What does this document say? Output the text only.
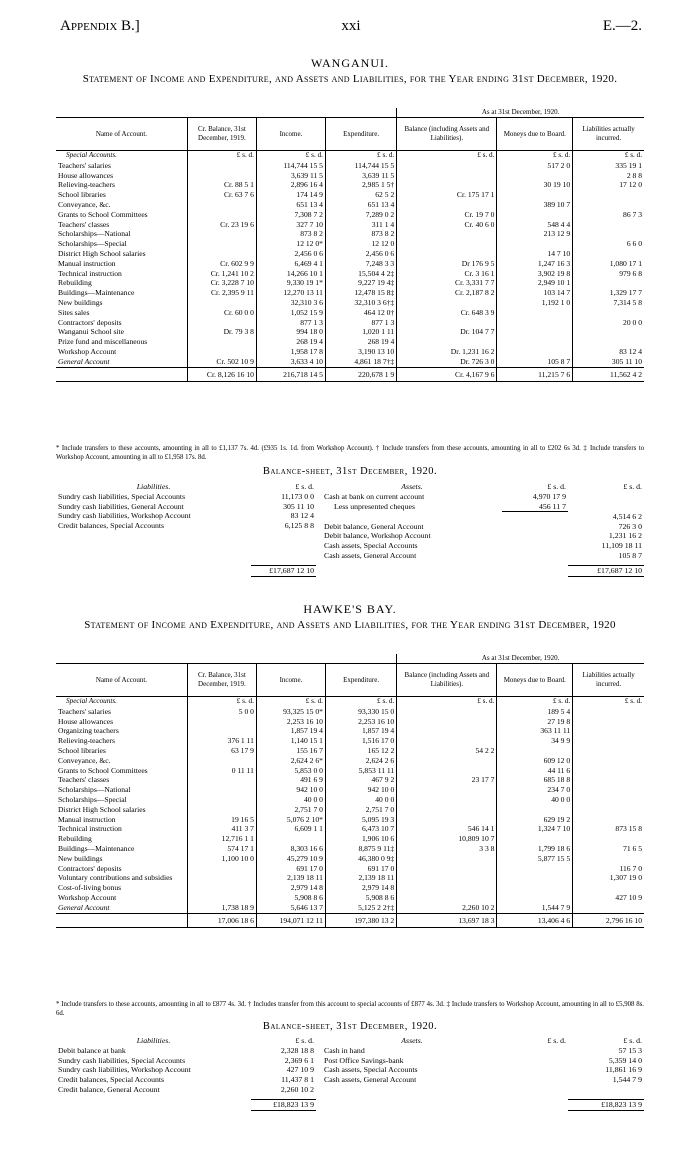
Appendix B.]	xxi	E.—2.
WANGANUI.
Statement of Income and Expenditure, and Assets and Liabilities, for the Year ending 31st December, 1920.
				As at 31st December, 1920.		
Name of Account.	Cr. Balance, 31st December, 1919.	Income.	Expenditure.	Balance (including Assets and Liabilities).	Moneys due to Board.	Liabilities actually incurred.
Special Accounts.	£ s. d.	£ s. d.	£ s. d.	£ s. d.	£ s. d.	£ s. d.
Teachers' salaries		114,744 15 5	114,744 15 5		517 2 0	335 19 1
House allowances		3,639 11 5	3,639 11 5			2 8 8
Relieving-teachers	Cr. 88 5 1	2,896 16 4	2,985 1 5†		30 19 10	17 12 0
School libraries	Cr. 63 7 6	174 14 9	62 5 2	Cr. 175 17 1		
Conveyance, &c.		651 13 4	651 13 4		389 10 7	
Grants to School Committees		7,308 7 2	7,289 0 2	Cr. 19 7 0		86 7 3
Teachers' classes	Cr. 23 19 6	327 7 10	311 1 4	Cr. 40 6 0	548 4 4	
Scholarships—National		873 8 2	873 8 2		213 12 9	
Scholarships—Special		12 12 0*	12 12 0			6 6 0
District High School salaries		2,456 0 6	2,456 0 6		14 7 10	
Manual instruction	Cr. 602 9 9	6,469 4 1	7,248 3 3	Dr 176 9 5	1,247 16 3	1,080 17 1
Technical instruction	Cr. 1,241 10 2	14,266 10 1	15,504 4 2‡	Cr. 3 16 1	3,902 19 8	979 6 8
Rebuilding	Cr. 3,228 7 10	9,330 19 1*	9,227 19 4‡	Cr. 3,331 7 7	2,949 10 1	
Buildings—Maintenance	Cr. 2,395 9 11	12,270 13 11	12,478 15 8‡	Cr. 2,187 8 2	103 14 7	1,329 17 7
New buildings		32,310 3 6	32,310 3 6†‡		1,192 1 0	7,314 5 8
Sites sales	Cr. 60 0 0	1,052 15 9	464 12 0†	Cr. 648 3 9		
Contractors' deposits		877 1 3	877 1 3			20 0 0
Wanganui School site	Dr. 79 3 8	994 18 0	1,020 1 11	Dr. 104 7 7		
Prize fund and miscellaneous		268 19 4	268 19 4			
Workshop Account		1,958 17 8	3,190 13 10	Dr. 1,231 16 2		83 12 4
General Account	Cr. 502 10 9	3,633 4 10	4,861 18 7†‡	Dr. 726 3 0	105 8 7	305 11 10
	Cr. 8,126 16 10	216,718 14 5	220,678 1 9	Cr. 4,167 9 6	11,215 7 6	11,562 4 2
* Include transfers to these accounts, amounting in all to £1,137 7s. 4d. (£935 1s. 1d. from Workshop Account). † Include transfers from these accounts, amounting in all to £202 6s 3d. ‡ Include transfers to Workshop Account, amounting in all to £1,958 17s. 8d.
Balance-sheet, 31st December, 1920.
Liabilities.	£ s. d.
Sundry cash liabilities, Special Accounts	11,173 0 0
Sundry cash liabilities, General Account	305 11 10
Sundry cash liabilities, Workshop Account	83 12 4
Credit balances, Special Accounts	6,125 8 8

	£17,687 12 10
Assets.	£ s. d.	£ s. d.
Cash at bank on current account	4,970 17 9	
Less unpresented cheques	456 11 7	
		4,514 6 2
Debit balance, General Account		726 3 0
Debit balance, Workshop Account		1,231 16 2
Cash assets, Special Accounts		11,109 18 11
Cash assets, General Account		105 8 7

		£17,687 12 10
HAWKE'S BAY.
Statement of Income and Expenditure, and Assets and Liabilities, for the Year ending 31st December, 1920
				As at 31st December, 1920.		
Name of Account.	Cr. Balance, 31st December, 1919.	Income.	Expenditure.	Balance (including Assets and Liabilities).	Moneys due to Board.	Liabilities actually incurred.
Special Accounts.	£ s. d.	£ s. d.	£ s. d.	£ s. d.	£ s. d.	£ s. d.
Teachers' salaries	5 0 0	93,325 15 0*	93,330 15 0		189 5 4	
House allowances		2,253 16 10	2,253 16 10		27 19 8	
Organizing teachers		1,857 19 4	1,857 19 4		363 11 11	
Relieving-teachers	376 1 11	1,140 15 1	1,516 17 0		34 9 9	
School libraries	63 17 9	155 16 7	165 12 2	54 2 2		
Conveyance, &c.		2,624 2 6*	2,624 2 6		609 12 0	
Grants to School Committees	0 11 11	5,853 0 0	5,853 11 11		44 11 6	
Teachers' classes		491 6 9	467 9 2	23 17 7	685 18 8	
Scholarships—National		942 10 0	942 10 0		234 7 0	
Scholarships—Special		40 0 0	40 0 0		40 0 0	
District High School salaries		2,751 7 0	2,751 7 0			
Manual instruction	19 16 5	5,076 2 10*	5,095 19 3		629 19 2	
Technical instruction	411 3 7	6,609 1 1	6,473 10 7	546 14 1	1,324 7 10	873 15 8
Rebuilding	12,716 1 1		1,906 10 6	10,809 10 7		
Buildings—Maintenance	574 17 1	8,303 16 6	8,875 9 11‡	3 3 8	1,799 18 6	71 6 5
New buildings	1,100 10 0	45,279 10 9	46,380 0 9‡		5,877 15 5	
Contractors' deposits		691 17 0	691 17 0			116 7 0
Voluntary contributions and subsidies		2,139 18 11	2,139 18 11			1,307 19 0
Cost-of-living bonus		2,979 14 8	2,979 14 8			
Workshop Account		5,908 8 6	5,908 8 6			427 10 9
General Account	1,738 18 9	5,646 13 7	5,125 2 2†‡	2,260 10 2	1,544 7 9	
	17,006 18 6	194,071 12 11	197,380 13 2	13,697 18 3	13,406 4 6	2,796 16 10
* Include transfers to these accounts, amounting in all to £877 4s. 3d. † Includes transfer from this account to special accounts of £877 4s. 3d. ‡ Include transfers to Workshop Account, amounting in all to £5,908 8s. 6d.
Balance-sheet, 31st December, 1920.
Liabilities.	£ s. d.
Debit balance at bank	2,328 18 8
Sundry cash liabilities, Special Accounts	2,369 6 1
Sundry cash liabilities, Workshop Account	427 10 9
Credit balances, Special Accounts	11,437 8 1
Credit balance, General Account	2,260 10 2

	£18,823 13 9
Assets.	£ s. d.	£ s. d.
Cash in hand		57 15 3
Post Office Savings-bank		5,359 14 0
Cash assets, Special Accounts		11,861 16 9
Cash assets, General Account		1,544 7 9

		£18,823 13 9
